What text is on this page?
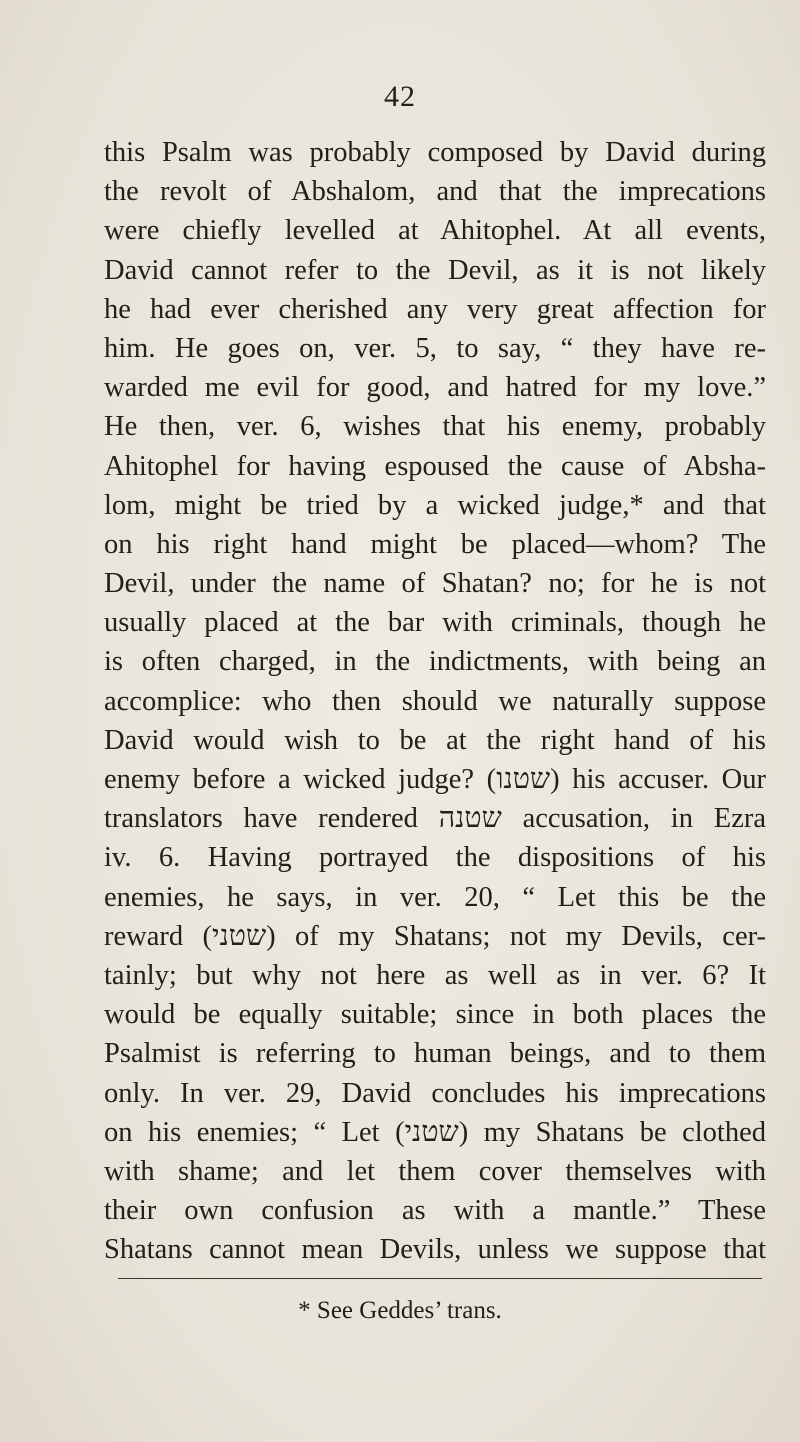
42
this Psalm was probably composed by David during
the revolt of Abshalom, and that the imprecations
were chiefly levelled at Ahitophel. At all events,
David cannot refer to the Devil, as it is not likely
he had ever cherished any very great affection for
him. He goes on, ver. 5, to say, “ they have re-
warded me evil for good, and hatred for my love.”
He then, ver. 6, wishes that his enemy, probably
Ahitophel for having espoused the cause of Absha-
lom, might be tried by a wicked judge,* and that
on his right hand might be placed—whom? The
Devil, under the name of Shatan? no; for he is not
usually placed at the bar with criminals, though he
is often charged, in the indictments, with being an
accomplice: who then should we naturally suppose
David would wish to be at the right hand of his
enemy before a wicked judge? (שטנו) his accuser. Our
translators have rendered שטנה accusation, in Ezra
iv. 6. Having portrayed the dispositions of his
enemies, he says, in ver. 20, “ Let this be the
reward (שטני) of my Shatans; not my Devils, cer-
tainly; but why not here as well as in ver. 6? It
would be equally suitable; since in both places the
Psalmist is referring to human beings, and to them
only. In ver. 29, David concludes his imprecations
on his enemies; “ Let (שטני) my Shatans be clothed
with shame; and let them cover themselves with
their own confusion as with a mantle.” These
Shatans cannot mean Devils, unless we suppose that
* See Geddes’ trans.
